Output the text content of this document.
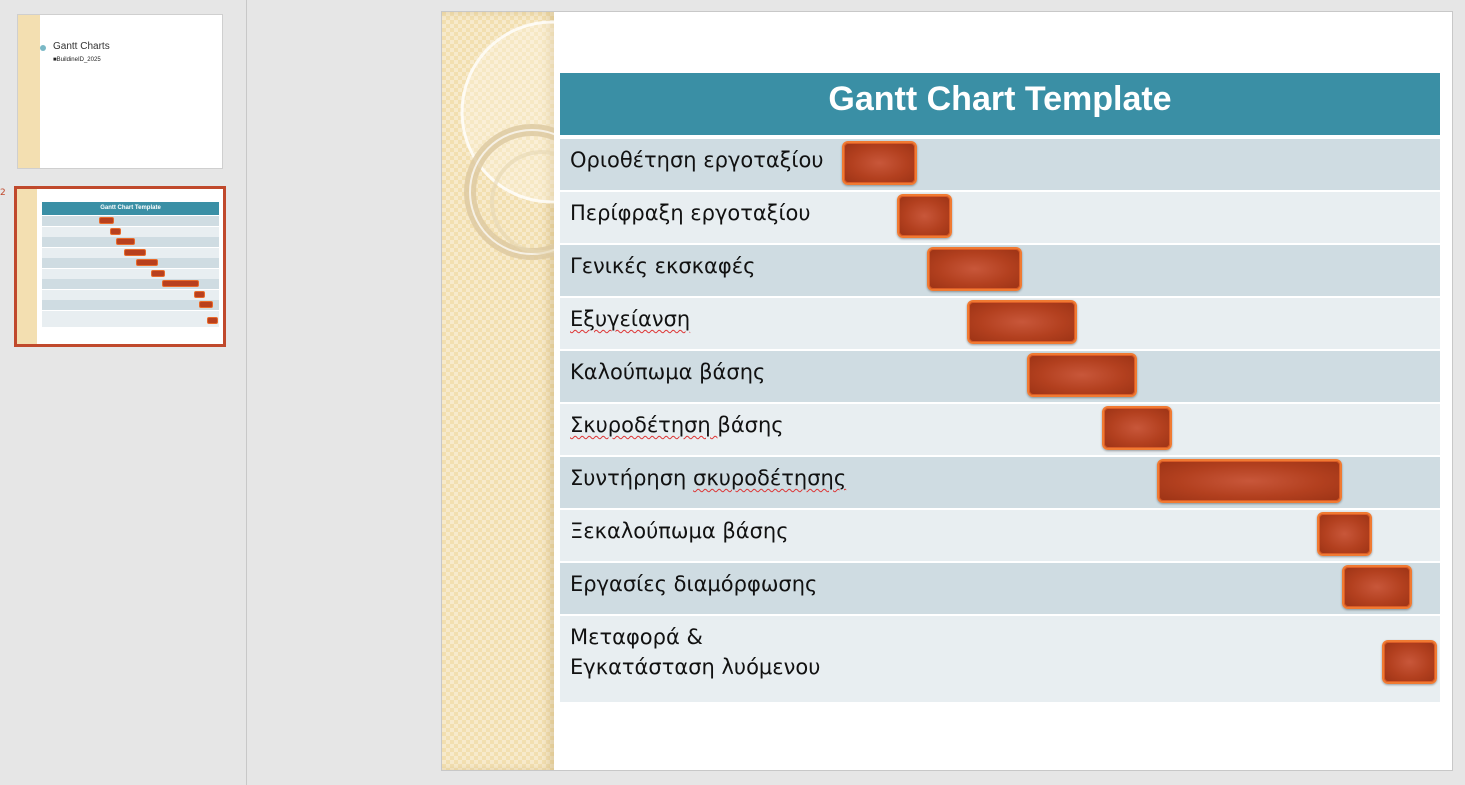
2
Gantt Charts
■BuildineID_2025
Gantt Chart Template
Gantt Chart Template
Οριοθέτηση εργοταξίου
Περίφραξη εργοταξίου
Γενικές εκσκαφές
Εξυγείανση
Καλούπωμα βάσης
Σκυροδέτηση βάσης
Συντήρηση σκυροδέτησης
Ξεκαλούπωμα βάσης
Εργασίες διαμόρφωσης
Μεταφορά &
Εγκατάσταση λυόμενου
